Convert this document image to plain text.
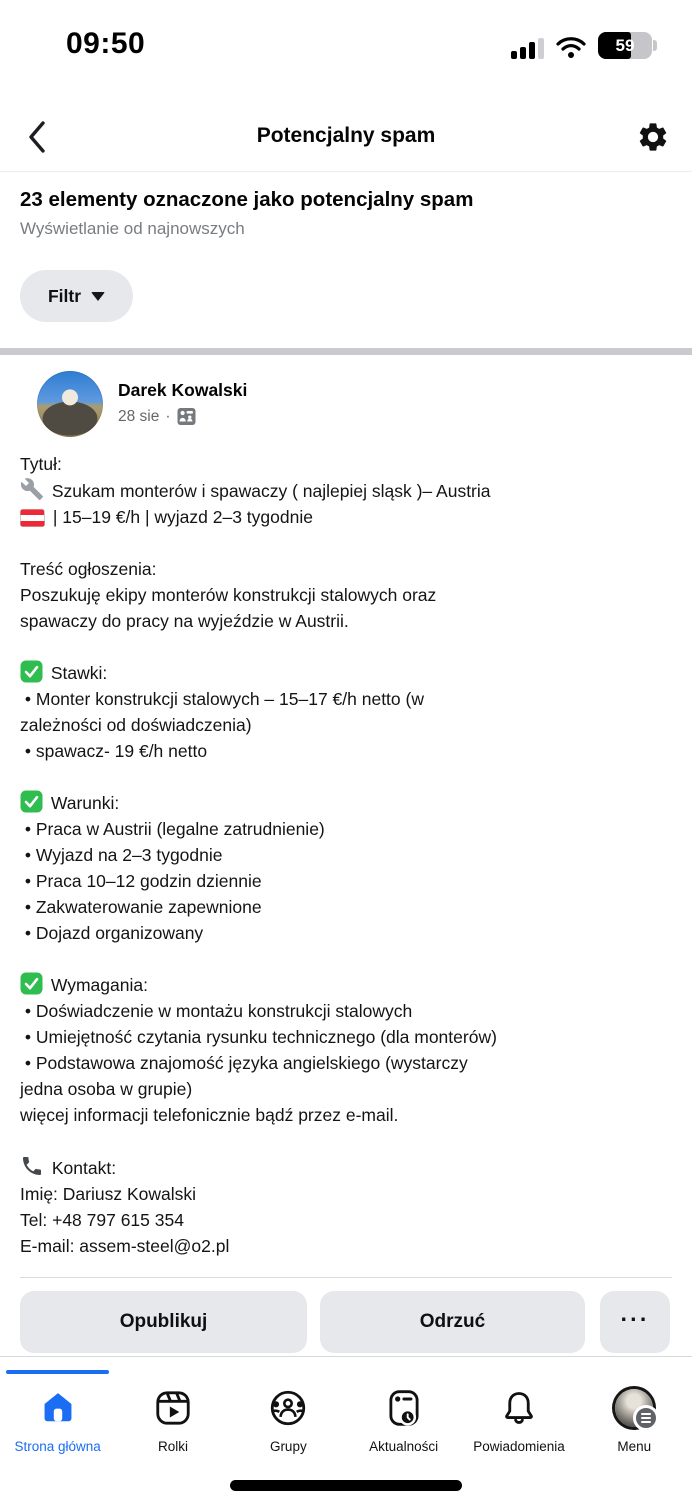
09:50	59
Potencjalny spam
23 elementy oznaczone jako potencjalny spam
Wyświetlanie od najnowszych
Filtr
Darek Kowalski
28 sie ·
Tytuł:
Szukam monterów i spawaczy ( najlepiej sląsk )– Austria
| 15–19 €/h | wyjazd 2–3 tygodnie
Treść ogłoszenia:
Poszukuję ekipy monterów konstrukcji stalowych oraz
spawaczy do pracy na wyjeździe w Austrii.
Stawki:
• Monter konstrukcji stalowych – 15–17 €/h netto (w
zależności od doświadczenia)
• spawacz- 19 €/h netto
Warunki:
• Praca w Austrii (legalne zatrudnienie)
• Wyjazd na 2–3 tygodnie
• Praca 10–12 godzin dziennie
• Zakwaterowanie zapewnione
• Dojazd organizowany
Wymagania:
• Doświadczenie w montażu konstrukcji stalowych
• Umiejętność czytania rysunku technicznego (dla monterów)
• Podstawowa znajomość języka angielskiego (wystarczy
jedna osoba w grupie)
więcej informacji telefonicznie bądź przez e-mail.
Kontakt:
Imię: Dariusz Kowalski
Tel: +48 797 615 354
E-mail: assem-steel@o2.pl
Opublikuj	Odrzuć	···
Strona główna	Rolki	Grupy	Aktualności	Powiadomienia	Menu
